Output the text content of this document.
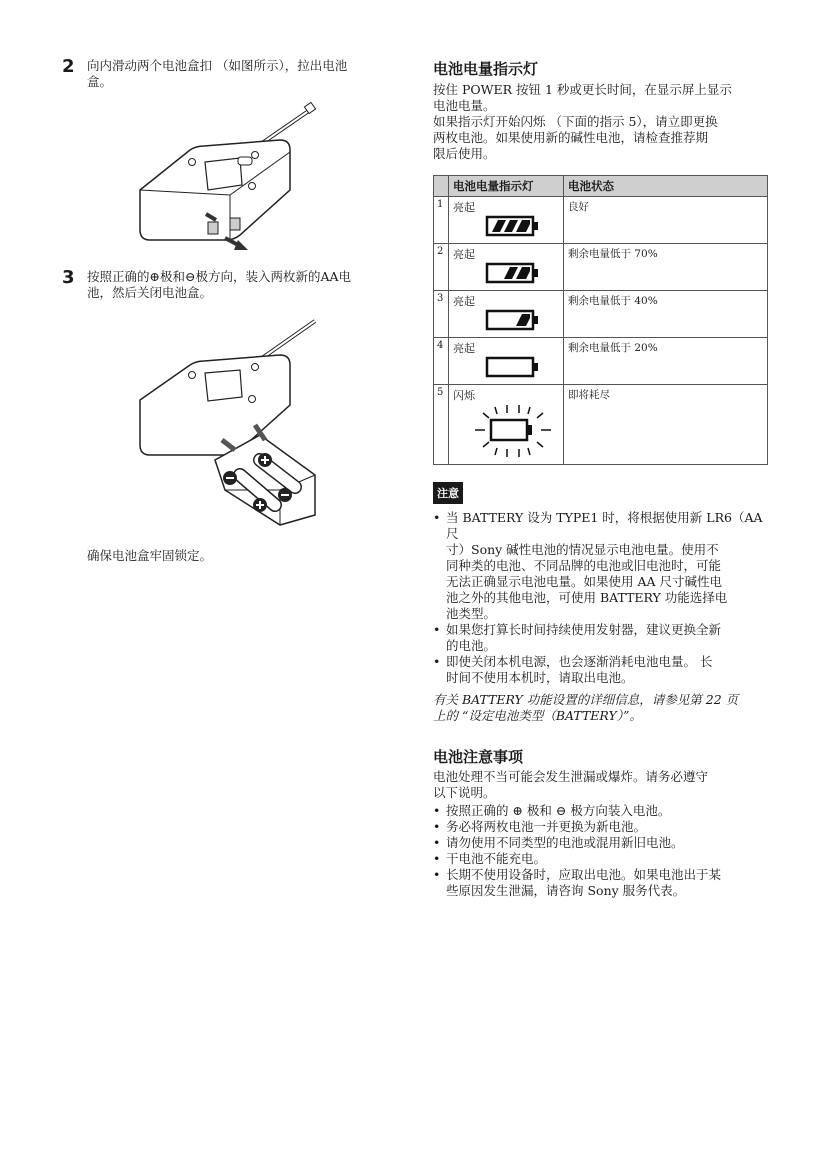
2 向内滑动两个电池盒扣 （如图所示），拉出电池
盒。
3 按照正确的⊕极和⊖极方向，装入两枚新的AA电
池，然后关闭电池盒。
确保电池盒牢固锁定。
电池电量指示灯
按住 POWER 按钮 1 秒或更长时间，在显示屏上显示
电池电量。
如果指示灯开始闪烁 （下面的指示 5），请立即更换
两枚电池。如果使用新的碱性电池，请检查推荐期
限后使用。
	电池电量指示灯	电池状态
1	亮起	良好
2	亮起	剩余电量低于 70%
3	亮起	剩余电量低于 40%
4	亮起	剩余电量低于 20%
5	闪烁	即将耗尽
注意
• 当 BATTERY 设为 TYPE1 时，将根据使用新 LR6（AA 尺
寸）Sony 碱性电池的情况显示电池电量。使用不
同种类的电池、不同品牌的电池或旧电池时，可能
无法正确显示电池电量。如果使用 AA 尺寸碱性电
池之外的其他电池，可使用 BATTERY 功能选择电
池类型。
• 如果您打算长时间持续使用发射器，建议更换全新
的电池。
• 即使关闭本机电源，也会逐渐消耗电池电量。 长
时间不使用本机时，请取出电池。
有关 BATTERY 功能设置的详细信息，请参见第 22 页
上的 “设定电池类型（BATTERY）”。
电池注意事项
电池处理不当可能会发生泄漏或爆炸。请务必遵守
以下说明。
• 按照正确的 ⊕ 极和 ⊖ 极方向装入电池。
• 务必将两枚电池一并更换为新电池。
• 请勿使用不同类型的电池或混用新旧电池。
• 干电池不能充电。
• 长期不使用设备时，应取出电池。如果电池出于某
些原因发生泄漏，请咨询 Sony 服务代表。
